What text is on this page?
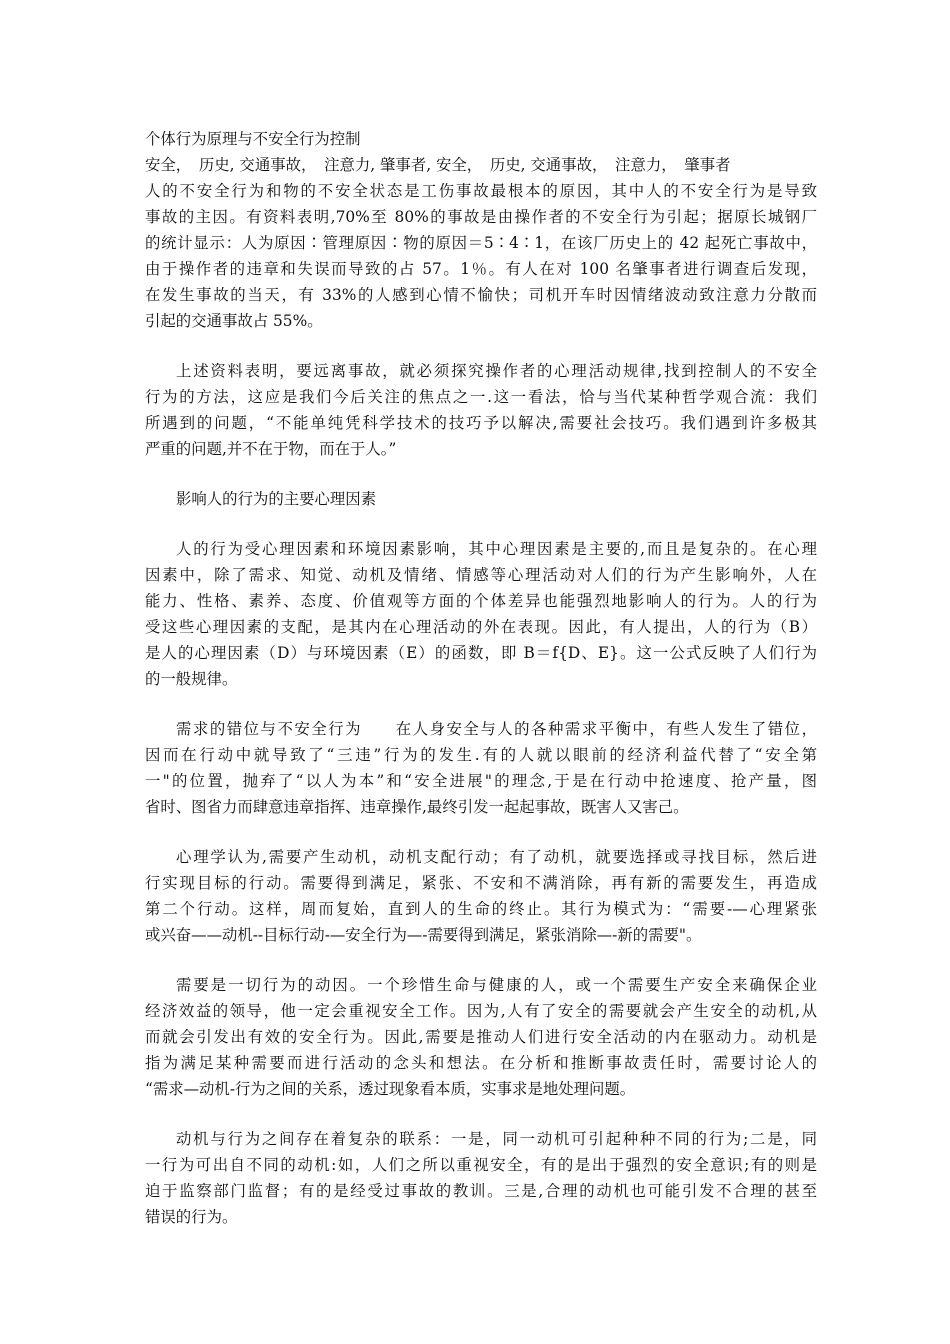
个体行为原理与不安全行为控制
安全，　历史, 交通事故，　注意力, 肇事者, 安全，　历史, 交通事故，　注意力，　肇事者
人的不安全行为和物的不安全状态是工伤事故最根本的原因，其中人的不安全行为是导致
事故的主因。有资料表明,70%至 80%的事故是由操作者的不安全行为引起；据原长城钢厂
的统计显示：人为原因∶管理原因∶物的原因＝5∶4∶1，在该厂历史上的 42 起死亡事故中，
由于操作者的违章和失误而导致的占 57。1％。有人在对 100 名肇事者进行调查后发现，
在发生事故的当天，有 33%的人感到心情不愉快；司机开车时因情绪波动致注意力分散而
引起的交通事故占 55%。
上述资料表明，要远离事故，就必须探究操作者的心理活动规律,找到控制人的不安全
行为的方法，这应是我们今后关注的焦点之一.这一看法，恰与当代某种哲学观合流：我们
所遇到的问题，“不能单纯凭科学技术的技巧予以解决,需要社会技巧。我们遇到许多极其
严重的问题,并不在于物，而在于人。”
影响人的行为的主要心理因素
人的行为受心理因素和环境因素影响，其中心理因素是主要的,而且是复杂的。在心理
因素中，除了需求、知觉、动机及情绪、情感等心理活动对人们的行为产生影响外，人在
能力、性格、素养、态度、价值观等方面的个体差异也能强烈地影响人的行为。人的行为
受这些心理因素的支配，是其内在心理活动的外在表现。因此，有人提出，人的行为（B）
是人的心理因素（D）与环境因素（E）的函数，即 B＝f{D、E}。这一公式反映了人们行为
的一般规律。
需求的错位与不安全行为　　在人身安全与人的各种需求平衡中，有些人发生了错位，
因而在行动中就导致了“三违”行为的发生.有的人就以眼前的经济利益代替了“安全第
一"的位置，抛弃了“以人为本”和“安全进展"的理念,于是在行动中抢速度、抢产量，图
省时、图省力而肆意违章指挥、违章操作,最终引发一起起事故，既害人又害己。
心理学认为,需要产生动机，动机支配行动；有了动机，就要选择或寻找目标，然后进
行实现目标的行动。需要得到满足，紧张、不安和不满消除，再有新的需要发生，再造成
第二个行动。这样，周而复始，直到人的生命的终止。其行为模式为：“需要-—心理紧张
或兴奋——动机--目标行动-—安全行为—-需要得到满足，紧张消除—-新的需要"。
需要是一切行为的动因。一个珍惜生命与健康的人，或一个需要生产安全来确保企业
经济效益的领导，他一定会重视安全工作。因为,人有了安全的需要就会产生安全的动机,从
而就会引发出有效的安全行为。因此,需要是推动人们进行安全活动的内在驱动力。动机是
指为满足某种需要而进行活动的念头和想法。在分析和推断事故责任时，需要讨论人的
“需求—动机-行为之间的关系，透过现象看本质，实事求是地处理问题。
动机与行为之间存在着复杂的联系：一是，同一动机可引起种种不同的行为;二是，同
一行为可出自不同的动机:如，人们之所以重视安全，有的是出于强烈的安全意识;有的则是
迫于监察部门监督；有的是经受过事故的教训。三是,合理的动机也可能引发不合理的甚至
错误的行为。
